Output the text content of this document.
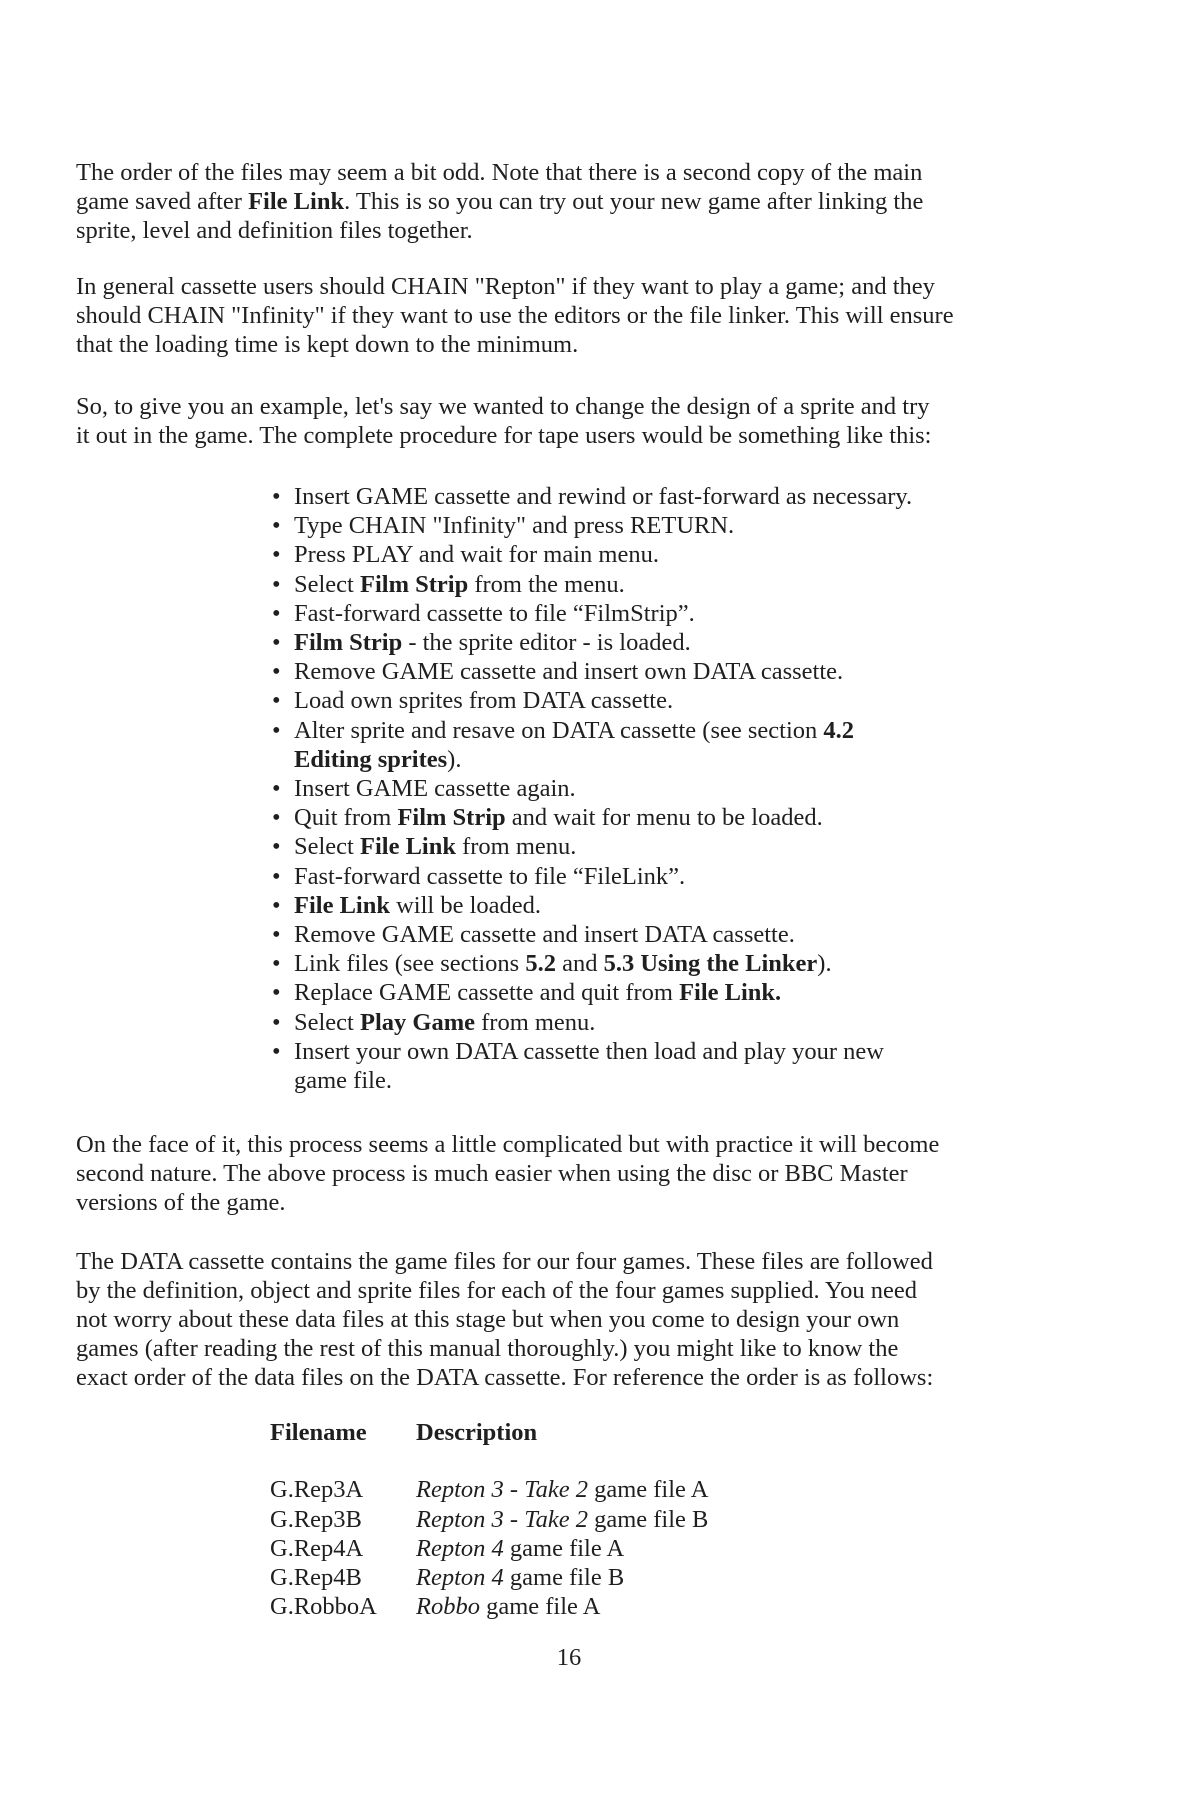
The order of the files may seem a bit odd. Note that there is a second copy of the main
game saved after File Link. This is so you can try out your new game after linking the
sprite, level and definition files together.
In general cassette users should CHAIN "Repton" if they want to play a game; and they
should CHAIN "Infinity" if they want to use the editors or the file linker. This will ensure
that the loading time is kept down to the minimum.
So, to give you an example, let's say we wanted to change the design of a sprite and try
it out in the game. The complete procedure for tape users would be something like this:
• Insert GAME cassette and rewind or fast-forward as necessary.
• Type CHAIN "Infinity" and press RETURN.
• Press PLAY and wait for main menu.
• Select Film Strip from the menu.
• Fast-forward cassette to file “FilmStrip”.
• Film Strip - the sprite editor - is loaded.
• Remove GAME cassette and insert own DATA cassette.
• Load own sprites from DATA cassette.
• Alter sprite and resave on DATA cassette (see section 4.2
Editing sprites).
• Insert GAME cassette again.
• Quit from Film Strip and wait for menu to be loaded.
• Select File Link from menu.
• Fast-forward cassette to file “FileLink”.
• File Link will be loaded.
• Remove GAME cassette and insert DATA cassette.
• Link files (see sections 5.2 and 5.3 Using the Linker).
• Replace GAME cassette and quit from File Link.
• Select Play Game from menu.
• Insert your own DATA cassette then load and play your new
game file.
On the face of it, this process seems a little complicated but with practice it will become
second nature. The above process is much easier when using the disc or BBC Master
versions of the game.
The DATA cassette contains the game files for our four games. These files are followed
by the definition, object and sprite files for each of the four games supplied. You need
not worry about these data files at this stage but when you come to design your own
games (after reading the rest of this manual thoroughly.) you might like to know the
exact order of the data files on the DATA cassette. For reference the order is as follows:
Filename	Description
G.Rep3A	Repton 3 - Take 2 game file A
G.Rep3B	Repton 3 - Take 2 game file B
G.Rep4A	Repton 4 game file A
G.Rep4B	Repton 4 game file B
G.RobboA	Robbo game file A
16
